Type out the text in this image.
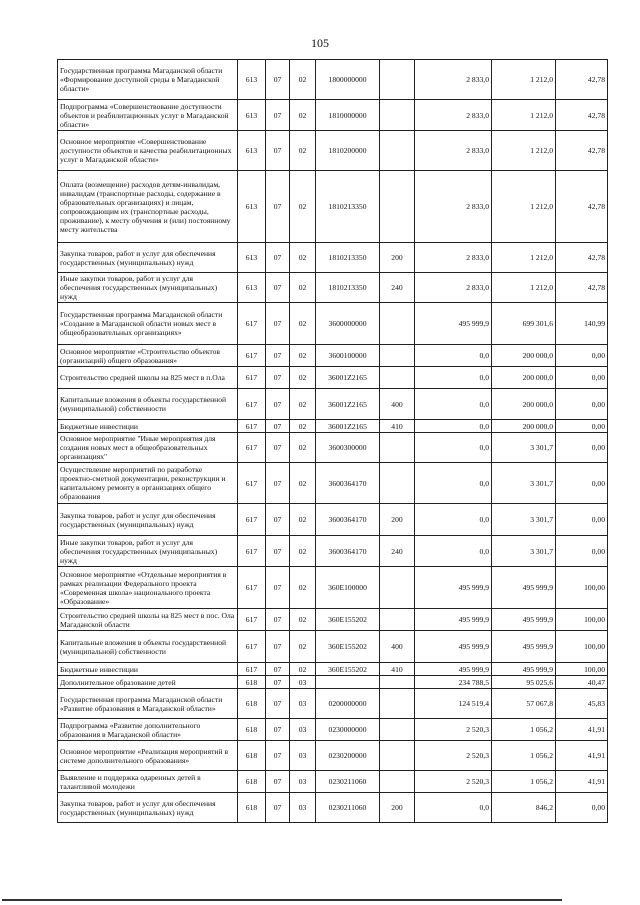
105
Государственная программа Магаданской области «Формирование доступной среды в Магаданской области»	613	07	02	1800000000		2 833,0	1 212,0	42,78
Подпрограмма «Совершенствование доступности объектов и реабилитационных услуг в Магаданской области»	613	07	02	1810000000		2 833,0	1 212,0	42,78
Основное мероприятие «Совершенствование доступности объектов и качества реабилитационных услуг в Магаданской области»	613	07	02	1810200000		2 833,0	1 212,0	42,78
Оплата (возмещение) расходов детям-инвалидам, инвалидам (транспортные расходы, содержание в образовательных организациях) и лицам, сопровождающим их (транспортные расходы, проживание), к месту обучения и (или) постоянному месту жительства	613	07	02	1810213350		2 833,0	1 212,0	42,78
Закупка товаров, работ и услуг для обеспечения государственных (муниципальных) нужд	613	07	02	1810213350	200	2 833,0	1 212,0	42,78
Иные закупки товаров, работ и услуг для обеспечения государственных (муниципальных) нужд	613	07	02	1810213350	240	2 833,0	1 212,0	42,78
Государственная программа Магаданской области «Создание в Магаданской области новых мест в общеобразовательных организациях»	617	07	02	3600000000		495 999,9	699 301,6	140,99
Основное мероприятие «Строительство объектов (организаций) общего образования»	617	07	02	3600100000		0,0	200 000,0	0,00
Строительство средней школы на 825 мест в п.Ола	617	07	02	36001Z2165		0,0	200 000,0	0,00
Капитальные вложения в объекты государственной (муниципальной) собственности	617	07	02	36001Z2165	400	0,0	200 000,0	0,00
Бюджетные инвестиции	617	07	02	36001Z2165	410	0,0	200 000,0	0,00
Основное мероприятие "Иные мероприятия для создания новых мест в общеобразовательных организациях"	617	07	02	3600300000		0,0	3 301,7	0,00
Осуществление мероприятий по разработке проектно-сметной документации, реконструкции и капитальному ремонту в организациях общего образования	617	07	02	3600364170		0,0	3 301,7	0,00
Закупка товаров, работ и услуг для обеспечения государственных (муниципальных) нужд	617	07	02	3600364170	200	0,0	3 301,7	0,00
Иные закупки товаров, работ и услуг для обеспечения государственных (муниципальных) нужд	617	07	02	3600364170	240	0,0	3 301,7	0,00
Основное мероприятие «Отдельные мероприятия в рамках реализации Федерального проекта «Современная школа» национального проекта «Образование»	617	07	02	360E100000		495 999,9	495 999,9	100,00
Строительство средней школы на 825 мест в пос. Ола Магаданской области	617	07	02	360E155202		495 999,9	495 999,9	100,00
Капитальные вложения в объекты государственной (муниципальной) собственности	617	07	02	360E155202	400	495 999,9	495 999,9	100,00
Бюджетные инвестиции	617	07	02	360E155202	410	495 999,9	495 999,9	100,00
Дополнительное образование детей	618	07	03			234 788,5	95 025,6	40,47
Государственная программа Магаданской области «Развитие образования в Магаданской области»	618	07	03	0200000000		124 519,4	57 067,8	45,83
Подпрограмма «Развитие дополнительного образования в Магаданской области»	618	07	03	0230000000		2 520,3	1 056,2	41,91
Основное мероприятие «Реализация мероприятий в системе дополнительного образования»	618	07	03	0230200000		2 520,3	1 056,2	41,91
Выявление и поддержка одаренных детей в талантливой молодежи	618	07	03	0230211060		2 520,3	1 056,2	41,91
Закупка товаров, работ и услуг для обеспечения государственных (муниципальных) нужд	618	07	03	0230211060	200	0,0	846,2	0,00
